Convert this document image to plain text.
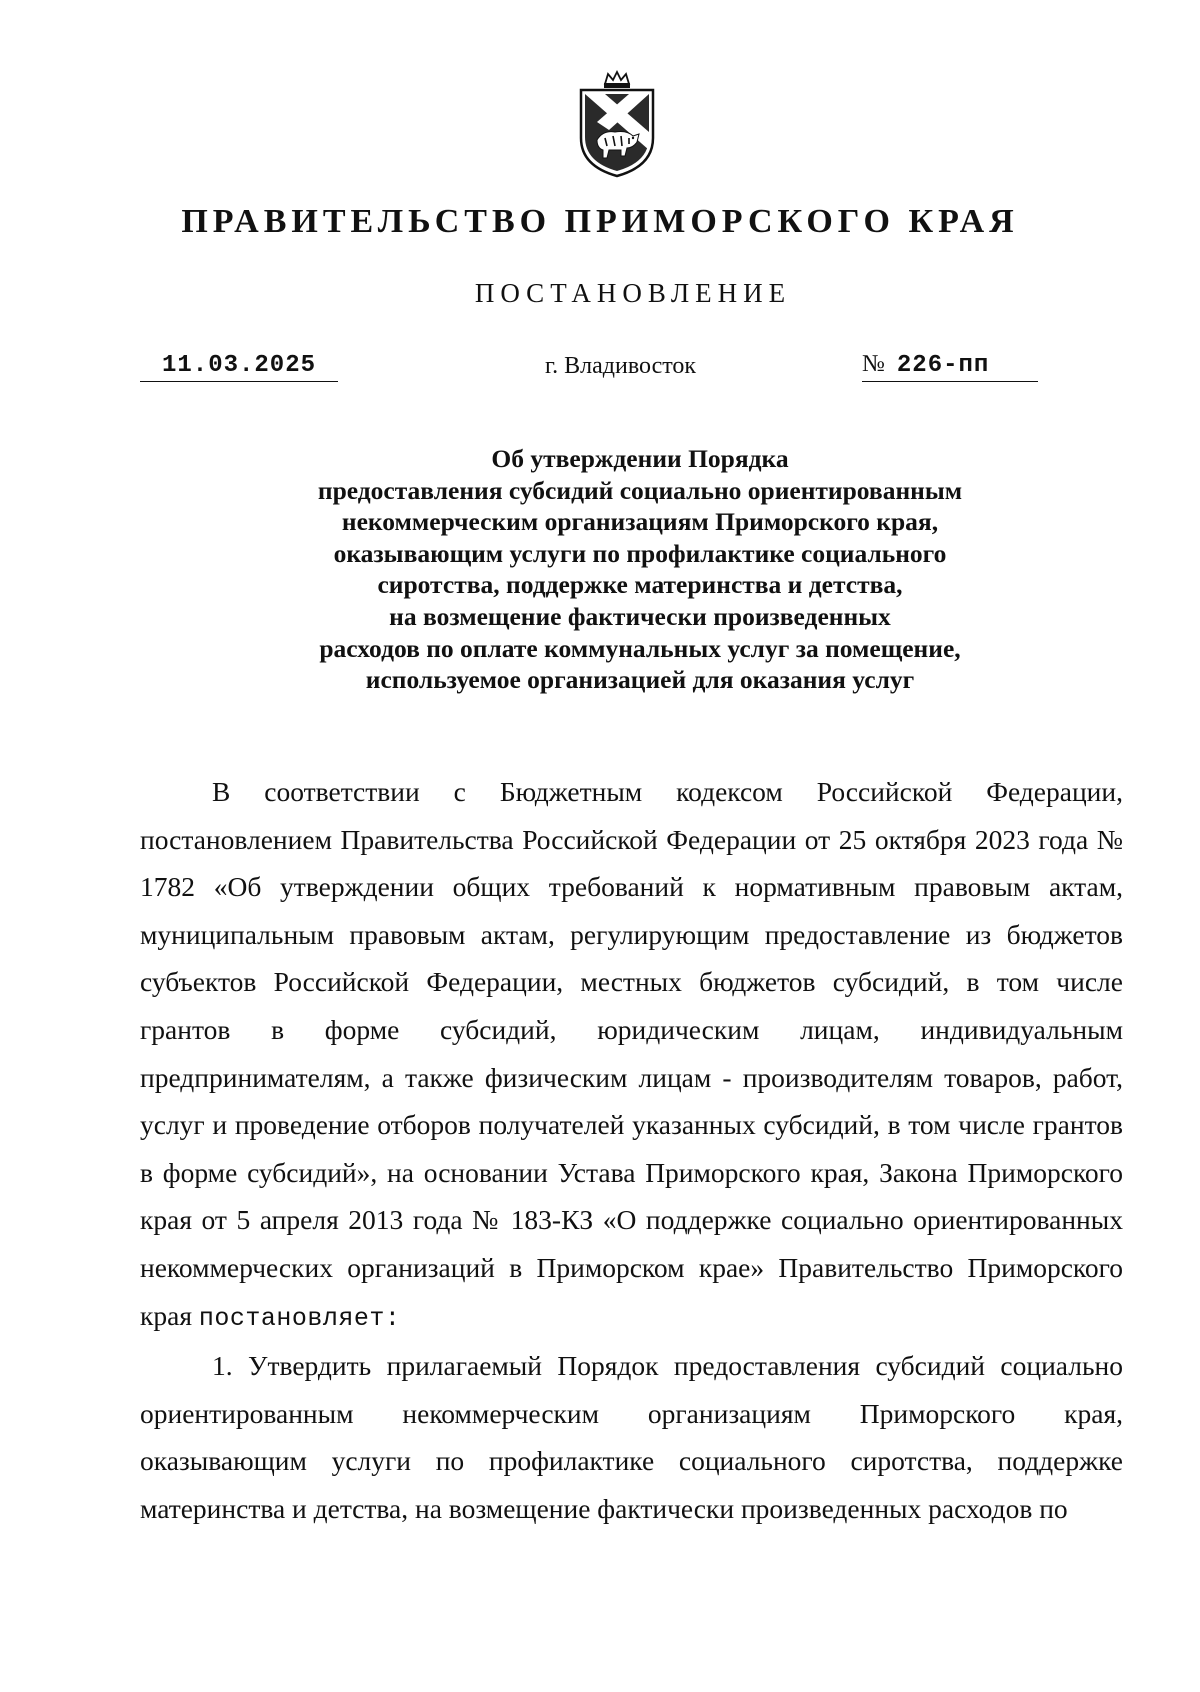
ПРАВИТЕЛЬСТВО ПРИМОРСКОГО КРАЯ
ПОСТАНОВЛЕНИЕ
11.03.2025	г. Владивосток	№ 226-пп
Об утверждении Порядка
предоставления субсидий социально ориентированным
некоммерческим организациям Приморского края,
оказывающим услуги по профилактике социального
сиротства, поддержке материнства и детства,
на возмещение фактически произведенных
расходов по оплате коммунальных услуг за помещение,
используемое организацией для оказания услуг

В соответствии с Бюджетным кодексом Российской Федерации, постановлением Правительства Российской Федерации от 25 октября 2023 года № 1782 «Об утверждении общих требований к нормативным правовым актам, муниципальным правовым актам, регулирующим предоставление из бюджетов субъектов Российской Федерации, местных бюджетов субсидий, в том числе грантов в форме субсидий, юридическим лицам, индивидуальным предпринимателям, а также физическим лицам - производителям товаров, работ, услуг и проведение отборов получателей указанных субсидий, в том числе грантов в форме субсидий», на основании Устава Приморского края, Закона Приморского края от 5 апреля 2013 года № 183-КЗ «О поддержке социально ориентированных некоммерческих организаций в Приморском крае» Правительство Приморского края постановляет:

1. Утвердить прилагаемый Порядок предоставления субсидий социально ориентированным некоммерческим организациям Приморского края, оказывающим услуги по профилактике социального сиротства, поддержке материнства и детства, на возмещение фактически произведенных расходов по
